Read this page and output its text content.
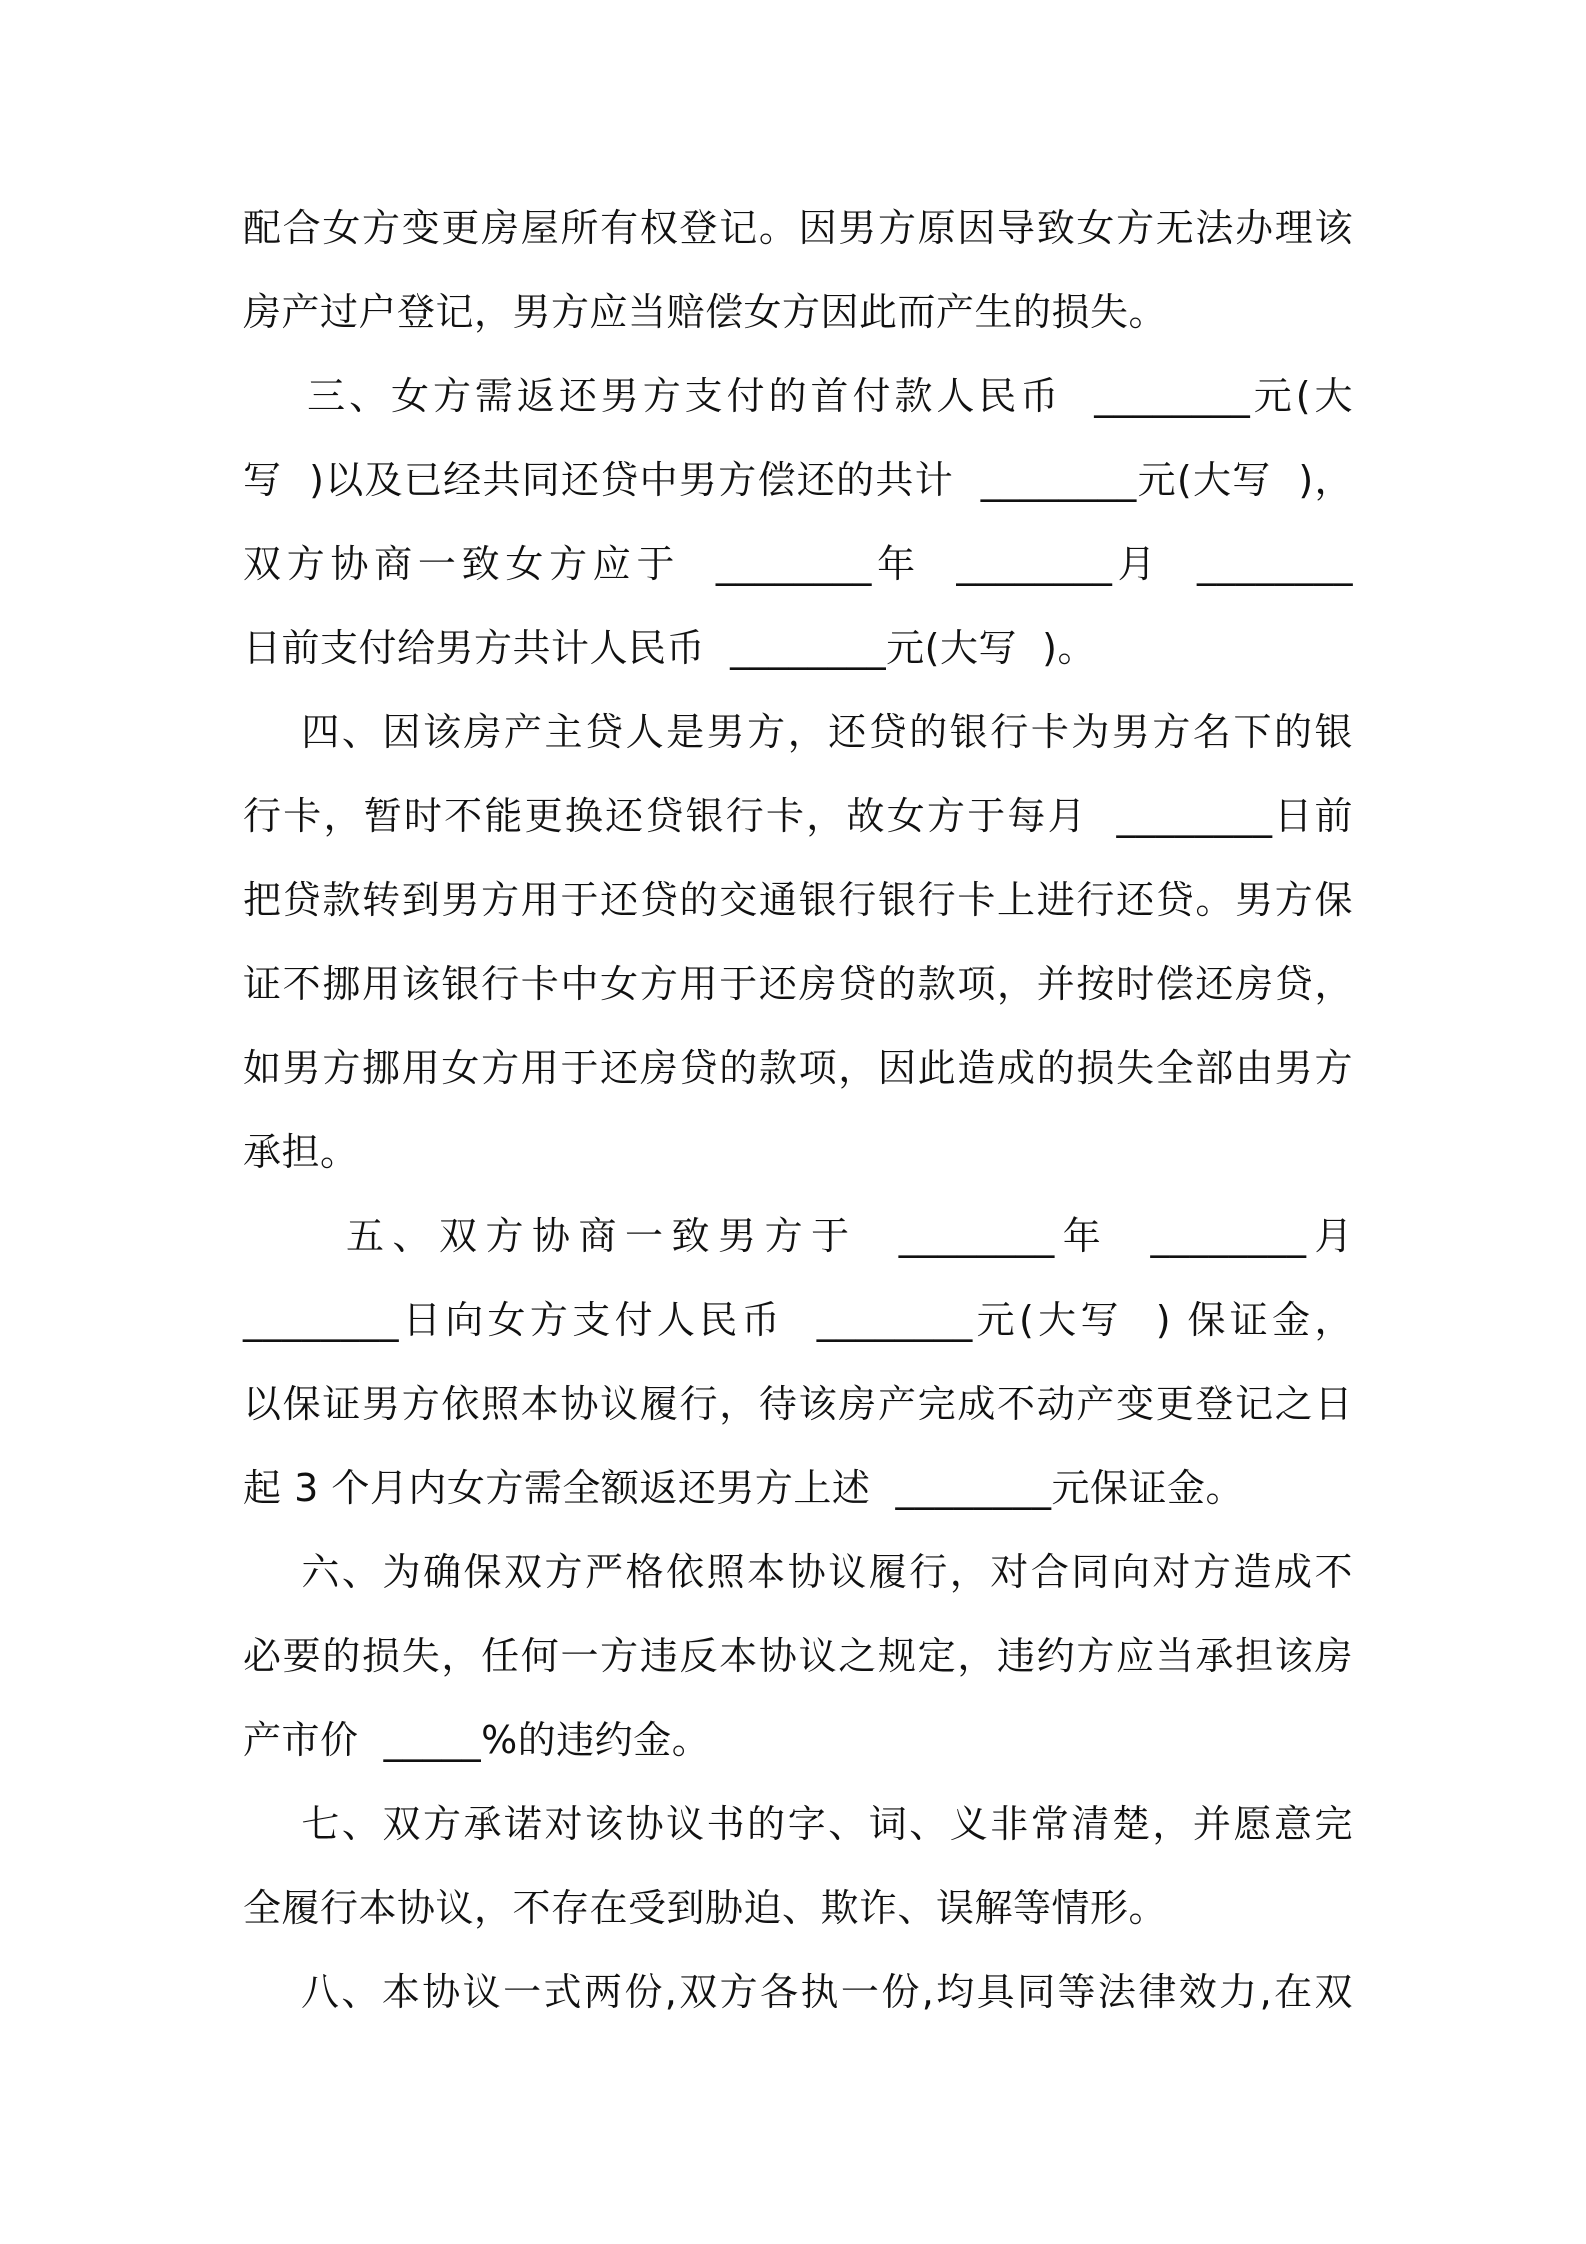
配合女方变更房屋所有权登记。因男方原因导致女方无法办理该
房产过户登记，男方应当赔偿女方因此而产生的损失。
三、女方需返还男方支付的首付款人民币  ________元(大
写  )以及已经共同还贷中男方偿还的共计  ________元(大写  )，
双方协商一致女方应于  ________年  ________月  ________
日前支付给男方共计人民币  ________元(大写  )。
四、因该房产主贷人是男方，还贷的银行卡为男方名下的银
行卡，暂时不能更换还贷银行卡，故女方于每月  ________日前
把贷款转到男方用于还贷的交通银行银行卡上进行还贷。男方保
证不挪用该银行卡中女方用于还房贷的款项，并按时偿还房贷，
如男方挪用女方用于还房贷的款项，因此造成的损失全部由男方
承担。
五、双方协商一致男方于  ________年  ________月
________日向女方支付人民币  ________元(大写  ) 保证金，
以保证男方依照本协议履行，待该房产完成不动产变更登记之日
起 3 个月内女方需全额返还男方上述  ________元保证金。
六、为确保双方严格依照本协议履行，对合同向对方造成不
必要的损失，任何一方违反本协议之规定，违约方应当承担该房
产市价  _____%的违约金。
七、双方承诺对该协议书的字、词、义非常清楚，并愿意完
全履行本协议，不存在受到胁迫、欺诈、误解等情形。
八、本协议一式两份,双方各执一份,均具同等法律效力,在双
